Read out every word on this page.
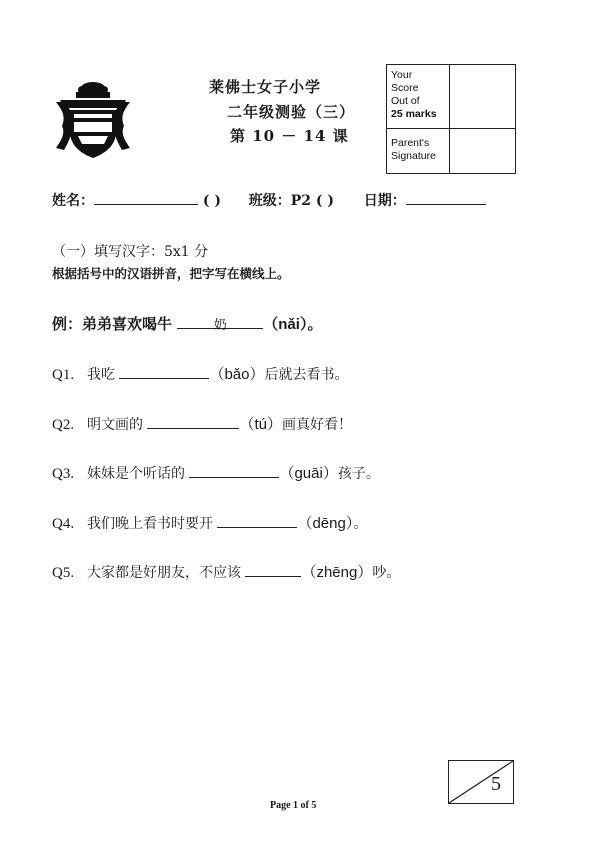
莱佛士女子小学
二年级测验（三）
第 10 － 14 课
Your
Score
Out of
25 marks
Parent's
Signature
姓名：	( ) 班级：P2 ( ) 日期：
（一）填写汉字：5x1 分
根据括号中的汉语拼音，把字写在横线上。
例：弟弟喜欢喝牛	奶 （nǎi）。
Q1. 我吃	（bǎo）后就去看书。
Q2. 明文画的	（tú）画真好看！
Q3. 妹妹是个听话的	（guāi）孩子。
Q4. 我们晚上看书时要开	（dēng）。
Q5. 大家都是好朋友，不应该	（zhēng）吵。
5
Page 1 of 5
